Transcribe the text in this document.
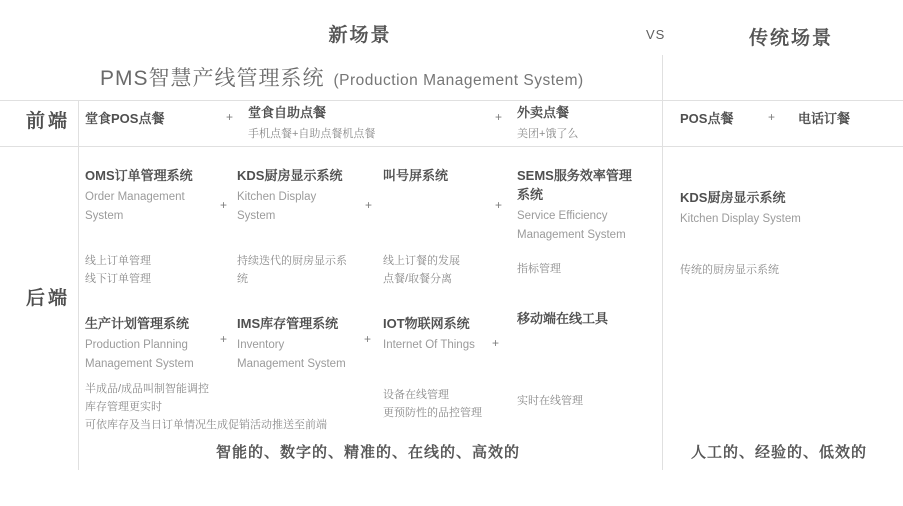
新场景	VS	传统场景
PMS智慧产线管理系统 (Production Management System)
前端
后端
堂食POS点餐	+ 堂食自助点餐
手机点餐+自助点餐机点餐
+ 外卖点餐
美团+饿了么
POS点餐	+ 电话订餐
OMS订单管理系统
Order Management System
+
KDS厨房显示系统
Kitchen Display System
+
叫号屏系统
+
SEMS服务效率管理系统
Service Efficiency Management System
线上订单管理
线下订单管理
持续迭代的厨房显示系统
线上订餐的发展
点餐/取餐分离
指标管理
KDS厨房显示系统
Kitchen Display System
传统的厨房显示系统
生产计划管理系统
Production Planning Management System
+
IMS库存管理系统
Inventory Management System
+
IOT物联网系统
Internet Of Things	+
移动端在线工具
半成品/成品叫制智能调控
库存管理更实时
可依库存及当日订单情况生成促销活动推送至前端
设备在线管理
更预防性的品控管理
实时在线管理
智能的、数字的、精准的、在线的、高效的	人工的、经验的、低效的
